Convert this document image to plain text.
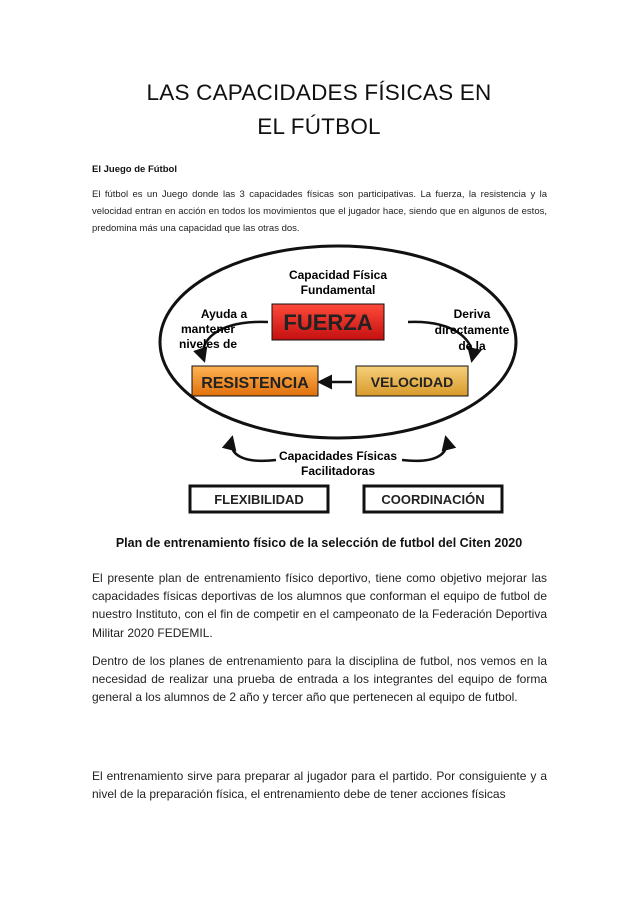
LAS CAPACIDADES FÍSICAS EN
EL FÚTBOL
El Juego de Fútbol
El fútbol es un Juego donde las 3 capacidades físicas son participativas. La fuerza, la resistencia y la velocidad entran en acción en todos los movimientos que el jugador hace, siendo que en algunos de estos, predomina más una capacidad que las otras dos.
Capacidad Física
Fundamental
FUERZA
Ayuda a
mantener
niveles de
Deriva
directamente
de la
RESISTENCIA	VELOCIDAD
Capacidades Físicas
Facilitadoras
FLEXIBILIDAD	COORDINACIÓN
Plan de entrenamiento físico de la selección de futbol del Citen 2020
El presente plan de entrenamiento físico deportivo, tiene como objetivo mejorar las capacidades físicas deportivas de los alumnos que conforman el equipo de futbol de nuestro Instituto, con el fin de competir en el campeonato de la Federación Deportiva Militar 2020 FEDEMIL.
Dentro de los planes de entrenamiento para la disciplina de futbol, nos vemos en la necesidad de realizar una prueba de entrada a los integrantes del equipo de forma general a los alumnos de 2 año y tercer año que pertenecen al equipo de futbol.
El entrenamiento sirve para preparar al jugador para el partido. Por consiguiente y a nivel de la preparación física, el entrenamiento debe de tener acciones físicas
